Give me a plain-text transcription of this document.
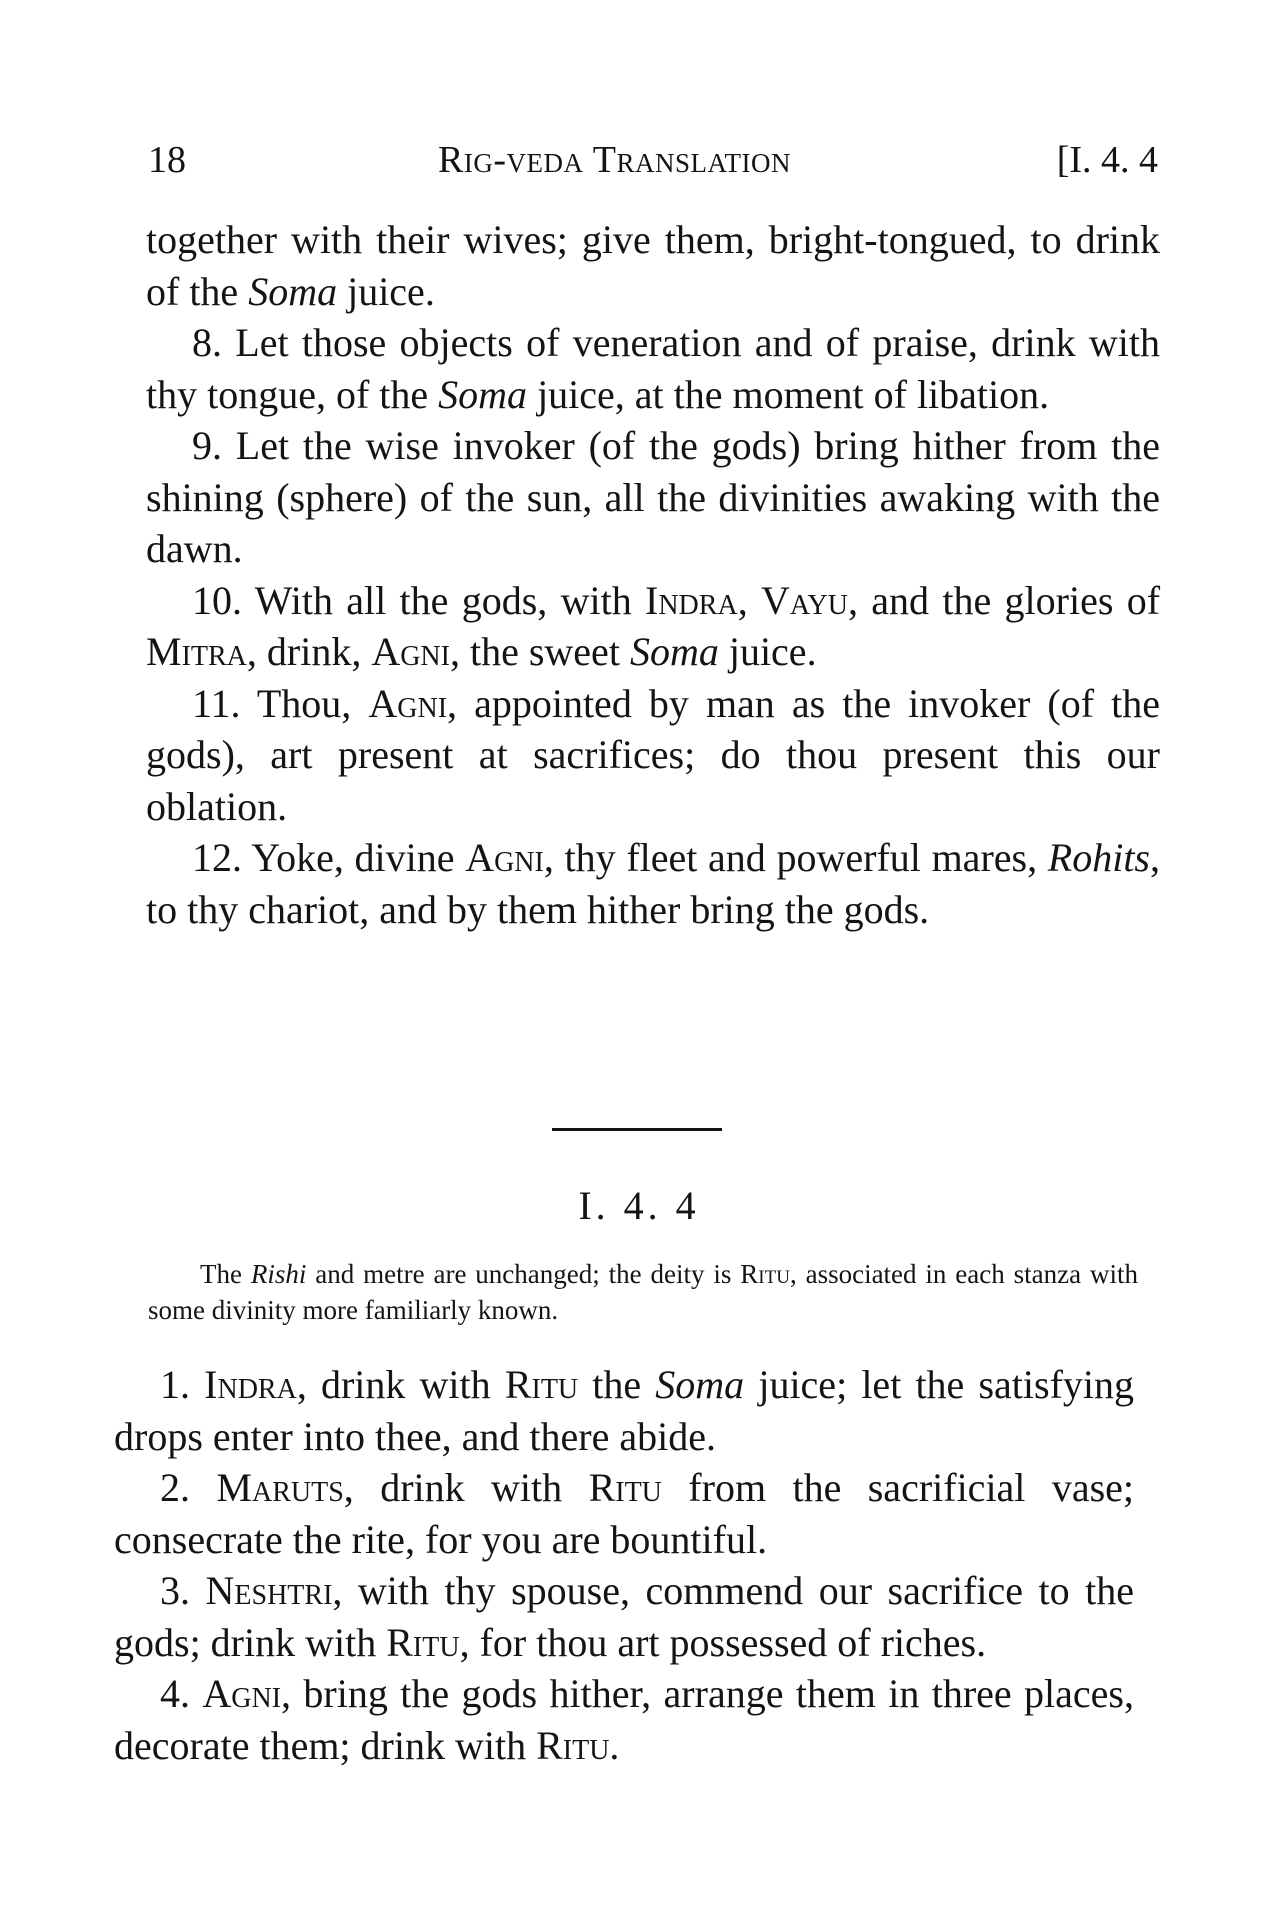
18	Rig-veda Translation	[I. 4. 4

together with their wives; give them, bright-tongued, to drink of the Soma juice.

8. Let those objects of veneration and of praise, drink with thy tongue, of the Soma juice, at the moment of libation.

9. Let the wise invoker (of the gods) bring hither from the shining (sphere) of the sun, all the divinities awaking with the dawn.

10. With all the gods, with Indra, Vayu, and the glories of Mitra, drink, Agni, the sweet Soma juice.

11. Thou, Agni, appointed by man as the invoker (of the gods), art present at sacrifices; do thou present this our oblation.

12. Yoke, divine Agni, thy fleet and powerful mares, Rohits, to thy chariot, and by them hither bring the gods.

I. 4. 4

The Rishi and metre are unchanged; the deity is Ritu, associated in each stanza with some divinity more familiarly known.

1. Indra, drink with Ritu the Soma juice; let the satisfying drops enter into thee, and there abide.

2. Maruts, drink with Ritu from the sacrificial vase; consecrate the rite, for you are bountiful.

3. Neshtri, with thy spouse, commend our sacrifice to the gods; drink with Ritu, for thou art possessed of riches.

4. Agni, bring the gods hither, arrange them in three places, decorate them; drink with Ritu.
